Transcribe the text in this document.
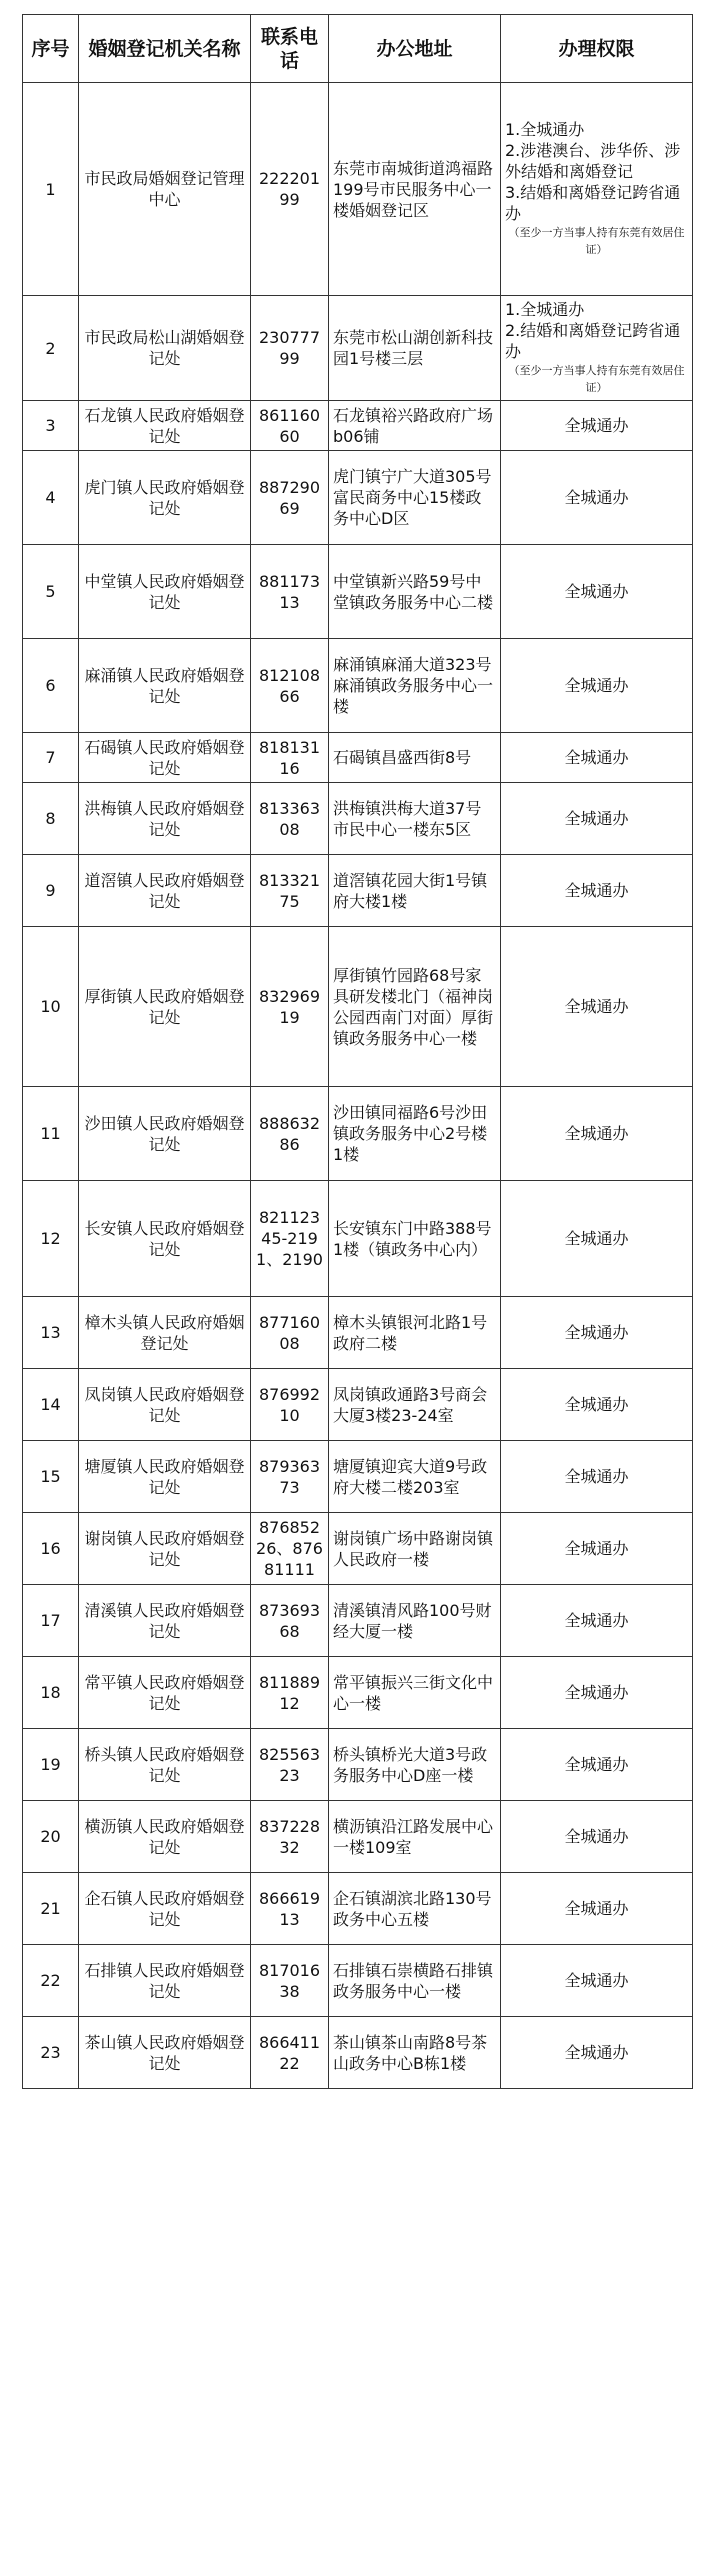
序号	婚姻登记机关名称	联系电话	办公地址	办理权限
1	市民政局婚姻登记管理中心	22220199	东莞市南城街道鸿福路199号市民服务中心一楼婚姻登记区	1.全城通办
2.涉港澳台、涉华侨、涉外结婚和离婚登记
3.结婚和离婚登记跨省通办
（至少一方当事人持有东莞有效居住证）

2	市民政局松山湖婚姻登记处	23077799	东莞市松山湖创新科技园1号楼三层	1.全城通办
2.结婚和离婚登记跨省通办
（至少一方当事人持有东莞有效居住证）

3	石龙镇人民政府婚姻登记处	86116060	石龙镇裕兴路政府广场b06铺	全城通办
4	虎门镇人民政府婚姻登记处	88729069	虎门镇宁广大道305号富民商务中心15楼政务中心D区	全城通办
5	中堂镇人民政府婚姻登记处	88117313	中堂镇新兴路59号中堂镇政务服务中心二楼	全城通办
6	麻涌镇人民政府婚姻登记处	81210866	麻涌镇麻涌大道323号麻涌镇政务服务中心一楼	全城通办
7	石碣镇人民政府婚姻登记处	81813116	石碣镇昌盛西街8号	全城通办
8	洪梅镇人民政府婚姻登记处	81336308	洪梅镇洪梅大道37号市民中心一楼东5区	全城通办
9	道滘镇人民政府婚姻登记处	81332175	道滘镇花园大街1号镇府大楼1楼	全城通办
10	厚街镇人民政府婚姻登记处	83296919	厚街镇竹园路68号家具研发楼北门（福神岗公园西南门对面）厚街镇政务服务中心一楼	全城通办
11	沙田镇人民政府婚姻登记处	88863286	沙田镇同福路6号沙田镇政务服务中心2号楼1楼	全城通办
12	长安镇人民政府婚姻登记处	82112345-2191、2190	长安镇东门中路388号1楼（镇政务中心内）	全城通办
13	樟木头镇人民政府婚姻登记处	87716008	樟木头镇银河北路1号政府二楼	全城通办
14	凤岗镇人民政府婚姻登记处	87699210	凤岗镇政通路3号商会大厦3楼23-24室	全城通办
15	塘厦镇人民政府婚姻登记处	87936373	塘厦镇迎宾大道9号政府大楼二楼203室	全城通办
16	谢岗镇人民政府婚姻登记处	87685226、87681111	谢岗镇广场中路谢岗镇人民政府一楼	全城通办
17	清溪镇人民政府婚姻登记处	87369368	清溪镇清风路100号财经大厦一楼	全城通办
18	常平镇人民政府婚姻登记处	81188912	常平镇振兴三街文化中心一楼	全城通办
19	桥头镇人民政府婚姻登记处	82556323	桥头镇桥光大道3号政务服务中心D座一楼	全城通办
20	横沥镇人民政府婚姻登记处	83722832	横沥镇沿江路发展中心一楼109室	全城通办
21	企石镇人民政府婚姻登记处	86661913	企石镇湖滨北路130号政务中心五楼	全城通办
22	石排镇人民政府婚姻登记处	81701638	石排镇石崇横路石排镇政务服务中心一楼	全城通办
23	茶山镇人民政府婚姻登记处	86641122	茶山镇茶山南路8号茶山政务中心B栋1楼	全城通办
